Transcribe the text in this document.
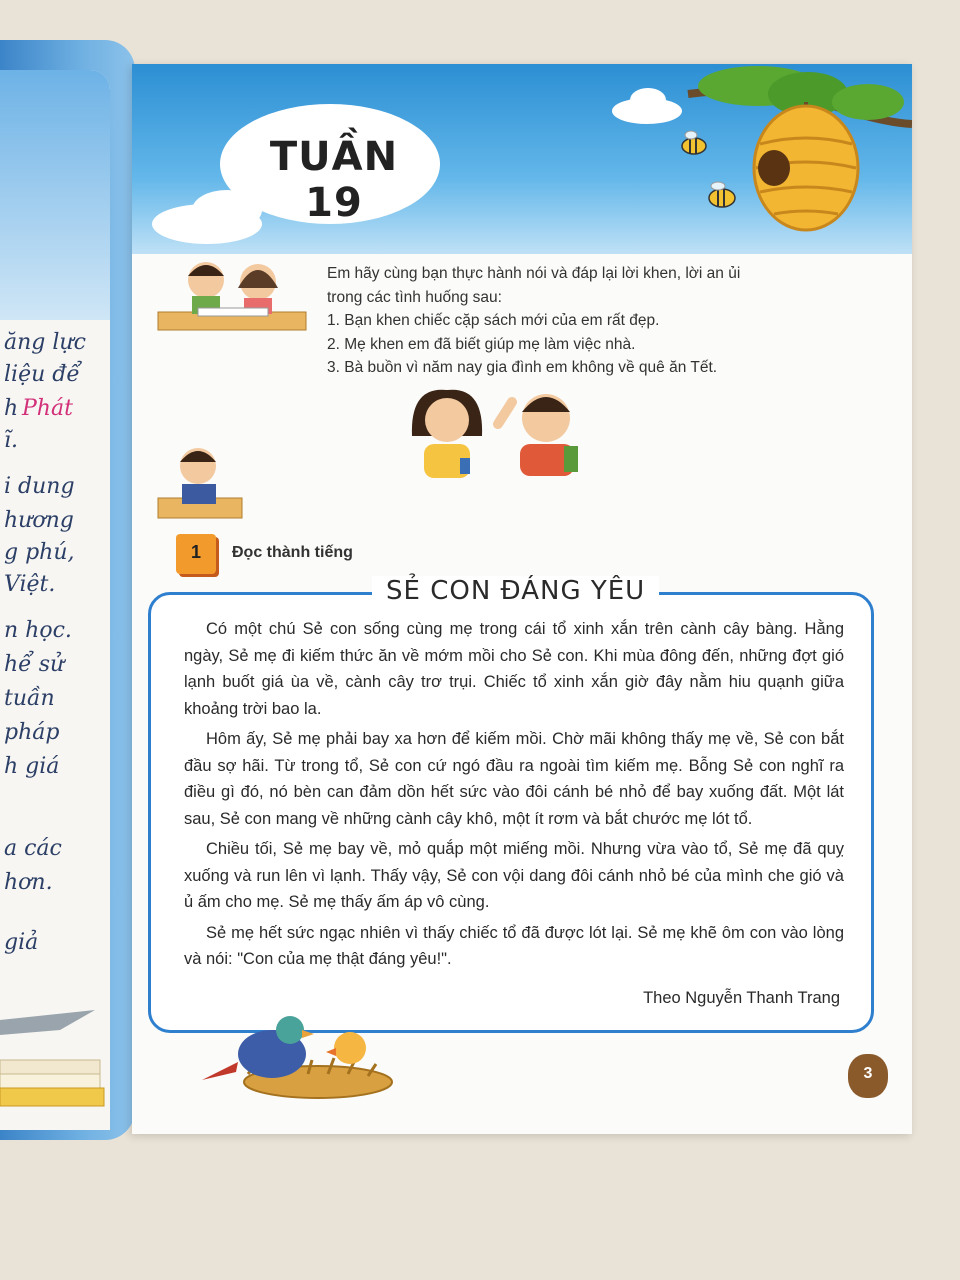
ăng lực
liệu để
h Phát
ĩ.
i dung
hương
g phú,
Việt.
n học.
hể sử
tuần
pháp
h giá
a các
hơn.
giả
TUẦN 19

Em hãy cùng bạn thực hành nói và đáp lại lời khen, lời an ủi

trong các tình huống sau:

1. Bạn khen chiếc cặp sách mới của em rất đẹp.

2. Mẹ khen em đã biết giúp mẹ làm việc nhà.

3. Bà buồn vì năm nay gia đình em không về quê ăn Tết.

1	Đọc thành tiếng
SẺ CON ĐÁNG YÊU

Có một chú Sẻ con sống cùng mẹ trong cái tổ xinh xắn trên cành cây bàng. Hằng ngày, Sẻ mẹ đi kiếm thức ăn về mớm mồi cho Sẻ con. Khi mùa đông đến, những đợt gió lạnh buốt giá ùa về, cành cây trơ trụi. Chiếc tổ xinh xắn giờ đây nằm hiu quạnh giữa khoảng trời bao la.

Hôm ấy, Sẻ mẹ phải bay xa hơn để kiếm mồi. Chờ mãi không thấy mẹ về, Sẻ con bắt đầu sợ hãi. Từ trong tổ, Sẻ con cứ ngó đầu ra ngoài tìm kiếm mẹ. Bỗng Sẻ con nghĩ ra điều gì đó, nó bèn can đảm dồn hết sức vào đôi cánh bé nhỏ để bay xuống đất. Một lát sau, Sẻ con mang về những cành cây khô, một ít rơm và bắt chước mẹ lót tổ.

Chiều tối, Sẻ mẹ bay về, mỏ quắp một miếng mồi. Nhưng vừa vào tổ, Sẻ mẹ đã quỵ xuống và run lên vì lạnh. Thấy vậy, Sẻ con vội dang đôi cánh nhỏ bé của mình che gió và ủ ấm cho mẹ. Sẻ mẹ thấy ấm áp vô cùng.

Sẻ mẹ hết sức ngạc nhiên vì thấy chiếc tổ đã được lót lại. Sẻ mẹ khẽ ôm con vào lòng và nói: "Con của mẹ thật đáng yêu!".

Theo Nguyễn Thanh Trang
3
